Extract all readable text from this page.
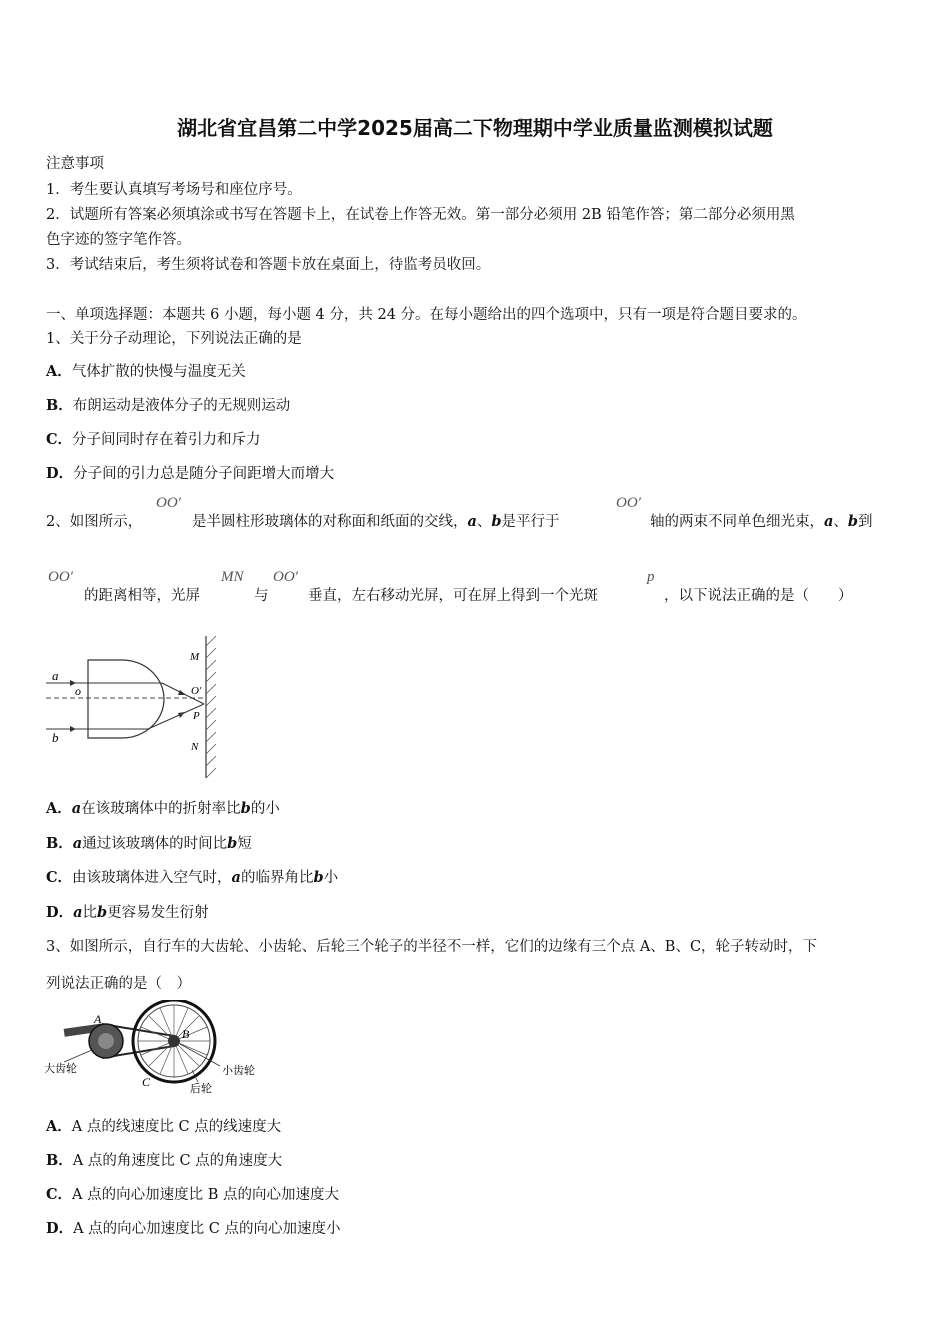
湖北省宜昌第二中学2025届高二下物理期中学业质量监测模拟试题
注意事项
1．考生要认真填写考场号和座位序号。
2．试题所有答案必须填涂或书写在答题卡上，在试卷上作答无效。第一部分必须用 2B 铅笔作答；第二部分必须用黑
色字迹的签字笔作答。
3．考试结束后，考生须将试卷和答题卡放在桌面上，待监考员收回。
一、单项选择题：本题共 6 小题，每小题 4 分，共 24 分。在每小题给出的四个选项中，只有一项是符合题目要求的。
1、关于分子动理论，下列说法正确的是
A．气体扩散的快慢与温度无关
B．布朗运动是液体分子的无规则运动
C．分子间同时存在着引力和斥力
D．分子间的引力总是随分子间距增大而增大
2、如图所示，
OO′
是半圆柱形玻璃体的对称面和纸面的交线，a、b是平行于
OO′
轴的两束不同单色细光束，a、b到
OO′
的距离相等，光屏
MN
与
OO′
垂直，左右移动光屏，可在屏上得到一个光斑
p
，以下说法正确的是（　　）
a
b
o	O′
M
P
N
A．a在该玻璃体中的折射率比b的小
B．a通过该玻璃体的时间比b短
C．由该玻璃体进入空气时，a的临界角比b小
D．a比b更容易发生衍射
3、如图所示，自行车的大齿轮、小齿轮、后轮三个轮子的半径不一样，它们的边缘有三个点 A、B、C，轮子转动时，下
列说法正确的是（　）
A
B
C
大齿轮	小齿轮
后轮
A．A 点的线速度比 C 点的线速度大
B．A 点的角速度比 C 点的角速度大
C．A 点的向心加速度比 B 点的向心加速度大
D．A 点的向心加速度比 C 点的向心加速度小
